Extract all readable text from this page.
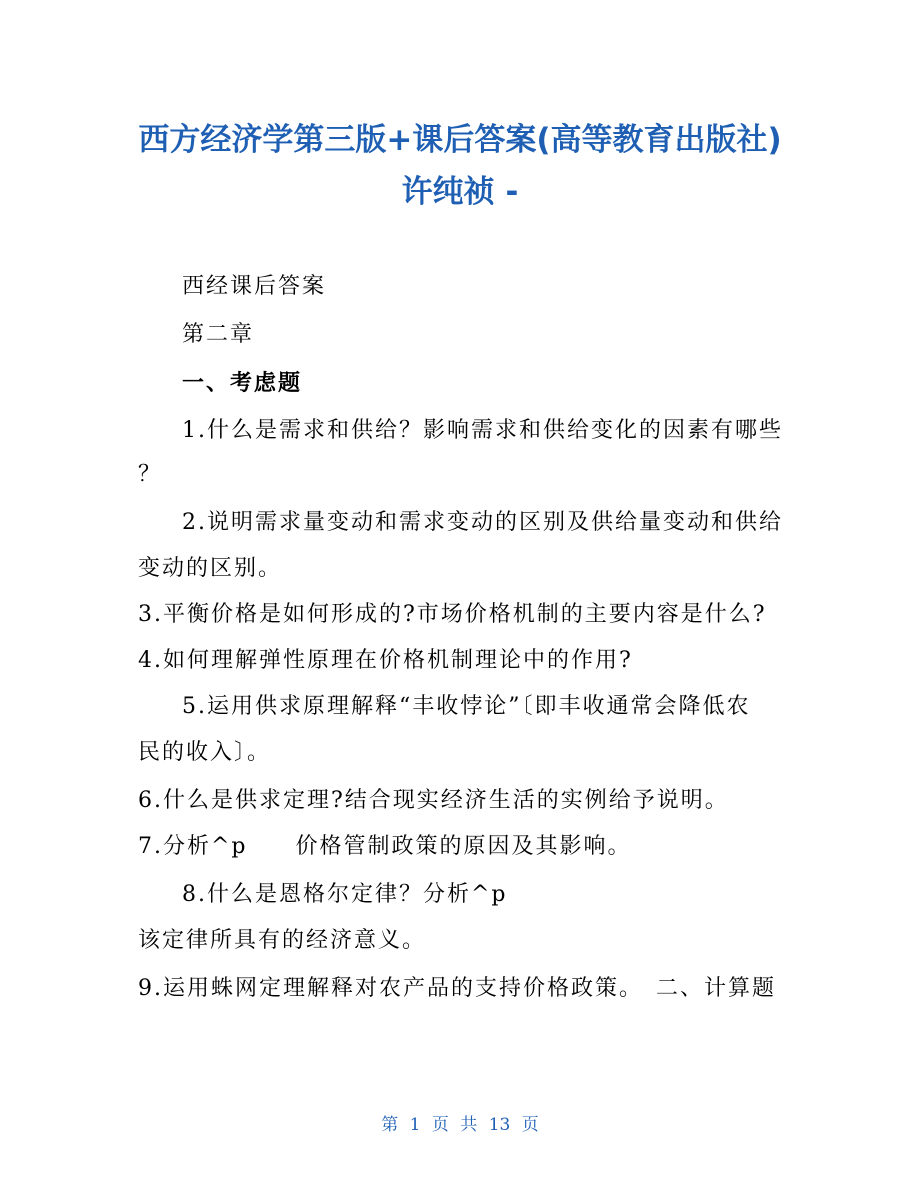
西方经济学第三版+课后答案(高等教育出版社)
许纯祯 -
西经课后答案
第二章
一、考虑题
1.什么是需求和供给？影响需求和供给变化的因素有哪些
？
2.说明需求量变动和需求变动的区别及供给量变动和供给
变动的区别。
3.平衡价格是如何形成的?市场价格机制的主要内容是什么?
4.如何理解弹性原理在价格机制理论中的作用?
5.运用供求原理解释“丰收悖论”〔即丰收通常会降低农
民的收入〕。
6.什么是供求定理?结合现实经济生活的实例给予说明。
7.分析^p　　价格管制政策的原因及其影响。
8.什么是恩格尔定律？分析^p
该定律所具有的经济意义。
9.运用蛛网定理解释对农产品的支持价格政策。　二、计算题
第 1 页 共 13 页
